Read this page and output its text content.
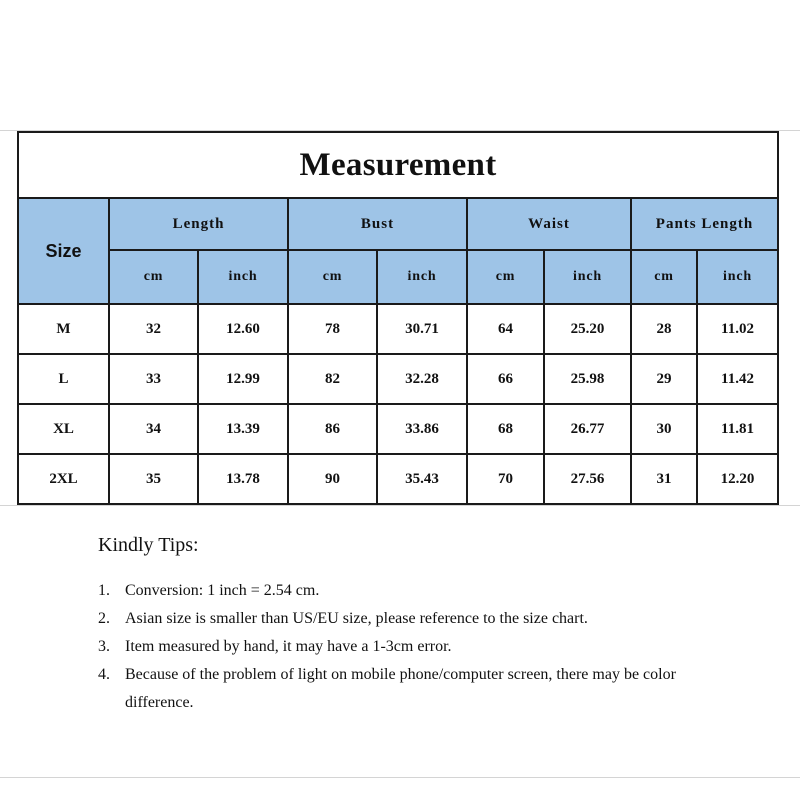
Measurement								
Size	Length		Bust		Waist		Pants Length	
	cm	inch	cm	inch	cm	inch	cm	inch
M	32	12.60	78	30.71	64	25.20	28	11.02
L	33	12.99	82	32.28	66	25.98	29	11.42
XL	34	13.39	86	33.86	68	26.77	30	11.81
2XL	35	13.78	90	35.43	70	27.56	31	12.20
Kindly Tips:
1. Conversion: 1 inch = 2.54 cm.
2. Asian size is smaller than US/EU size, please reference to the size chart.
3. Item measured by hand, it may have a 1-3cm error.
4. Because of the problem of light on mobile phone/computer screen, there may be color difference.
